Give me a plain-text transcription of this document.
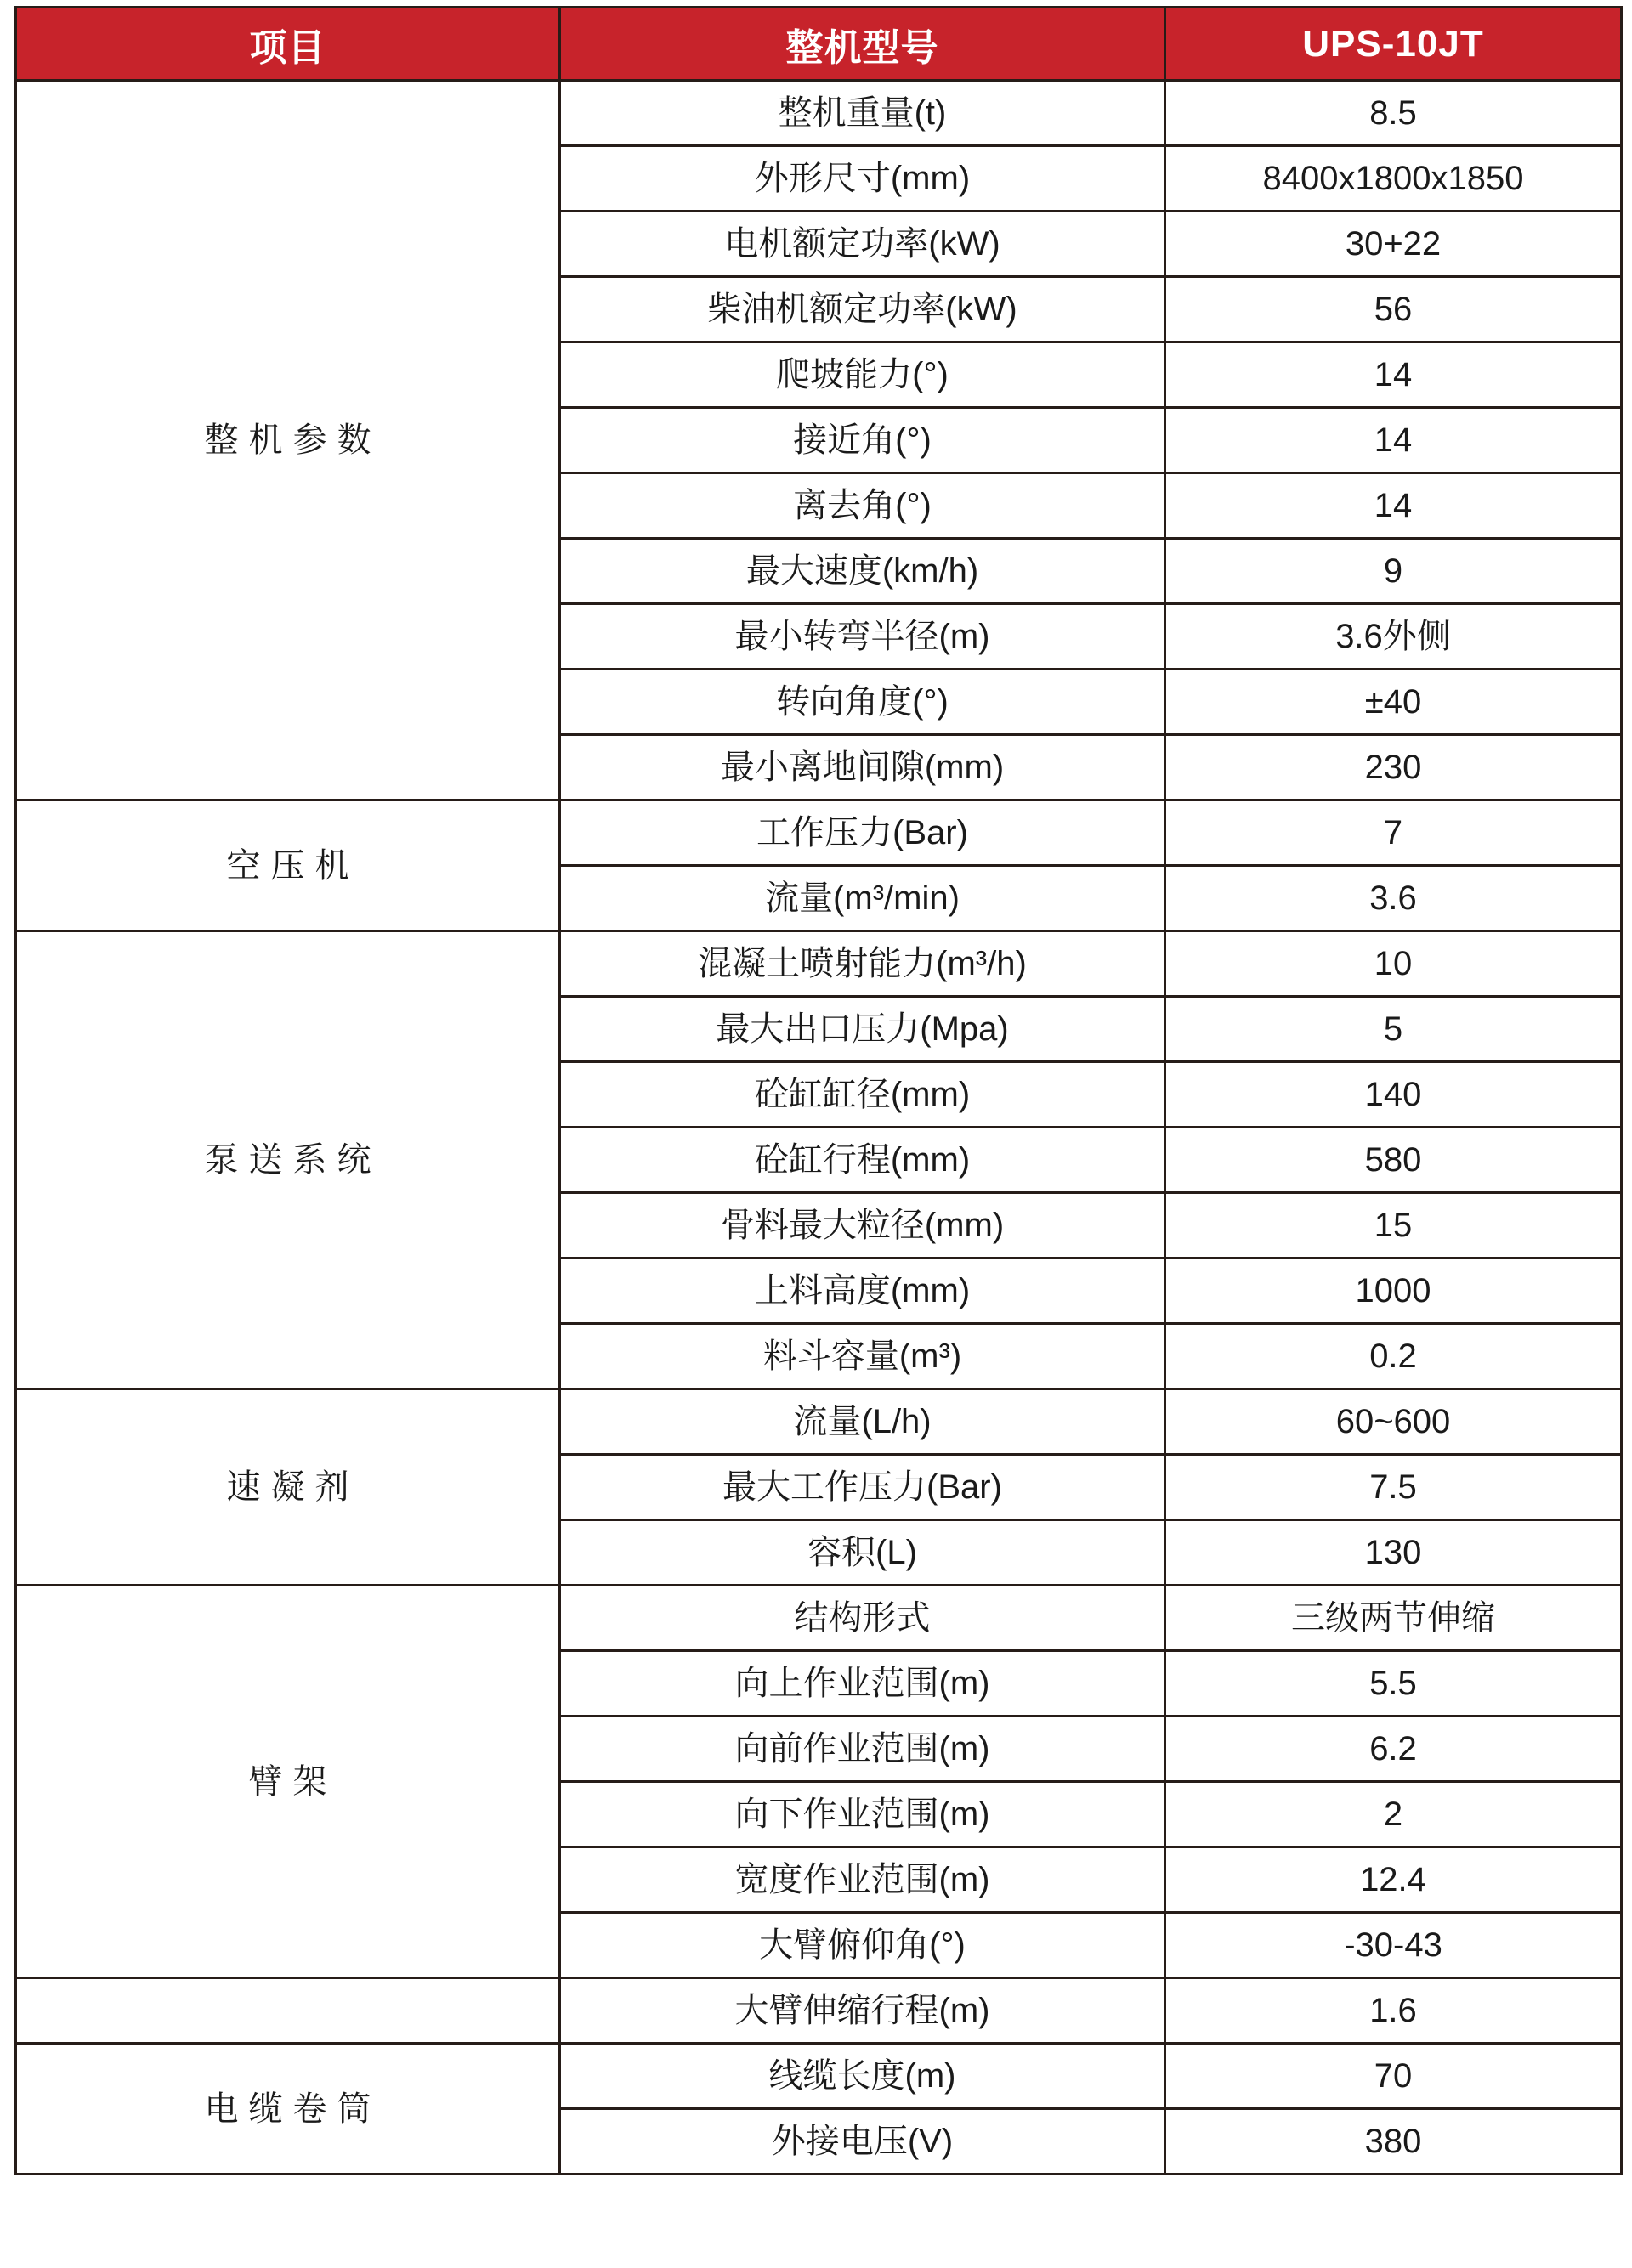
项目	整机型号	UPS-10JT
整机参数	整机重量(t)	8.5
	外形尺寸(mm)	8400x1800x1850
	电机额定功率(kW)	30+22
	柴油机额定功率(kW)	56
	爬坡能力(°)	14
	接近角(°)	14
	离去角(°)	14
	最大速度(km/h)	9
	最小转弯半径(m)	3.6外侧
	转向角度(°)	±40
	最小离地间隙(mm)	230
空压机	工作压力(Bar)	7
	流量(m³/min)	3.6
泵送系统	混凝土喷射能力(m³/h)	10
	最大出口压力(Mpa)	5
	砼缸缸径(mm)	140
	砼缸行程(mm)	580
	骨料最大粒径(mm)	15
	上料高度(mm)	1000
	料斗容量(m³)	0.2
速凝剂	流量(L/h)	60~600
	最大工作压力(Bar)	7.5
	容积(L)	130
臂架	结构形式	三级两节伸缩
	向上作业范围(m)	5.5
	向前作业范围(m)	6.2
	向下作业范围(m)	2
	宽度作业范围(m)	12.4
	大臂俯仰角(°)	-30-43
	大臂伸缩行程(m)	1.6
电缆卷筒	线缆长度(m)	70
	外接电压(V)	380
